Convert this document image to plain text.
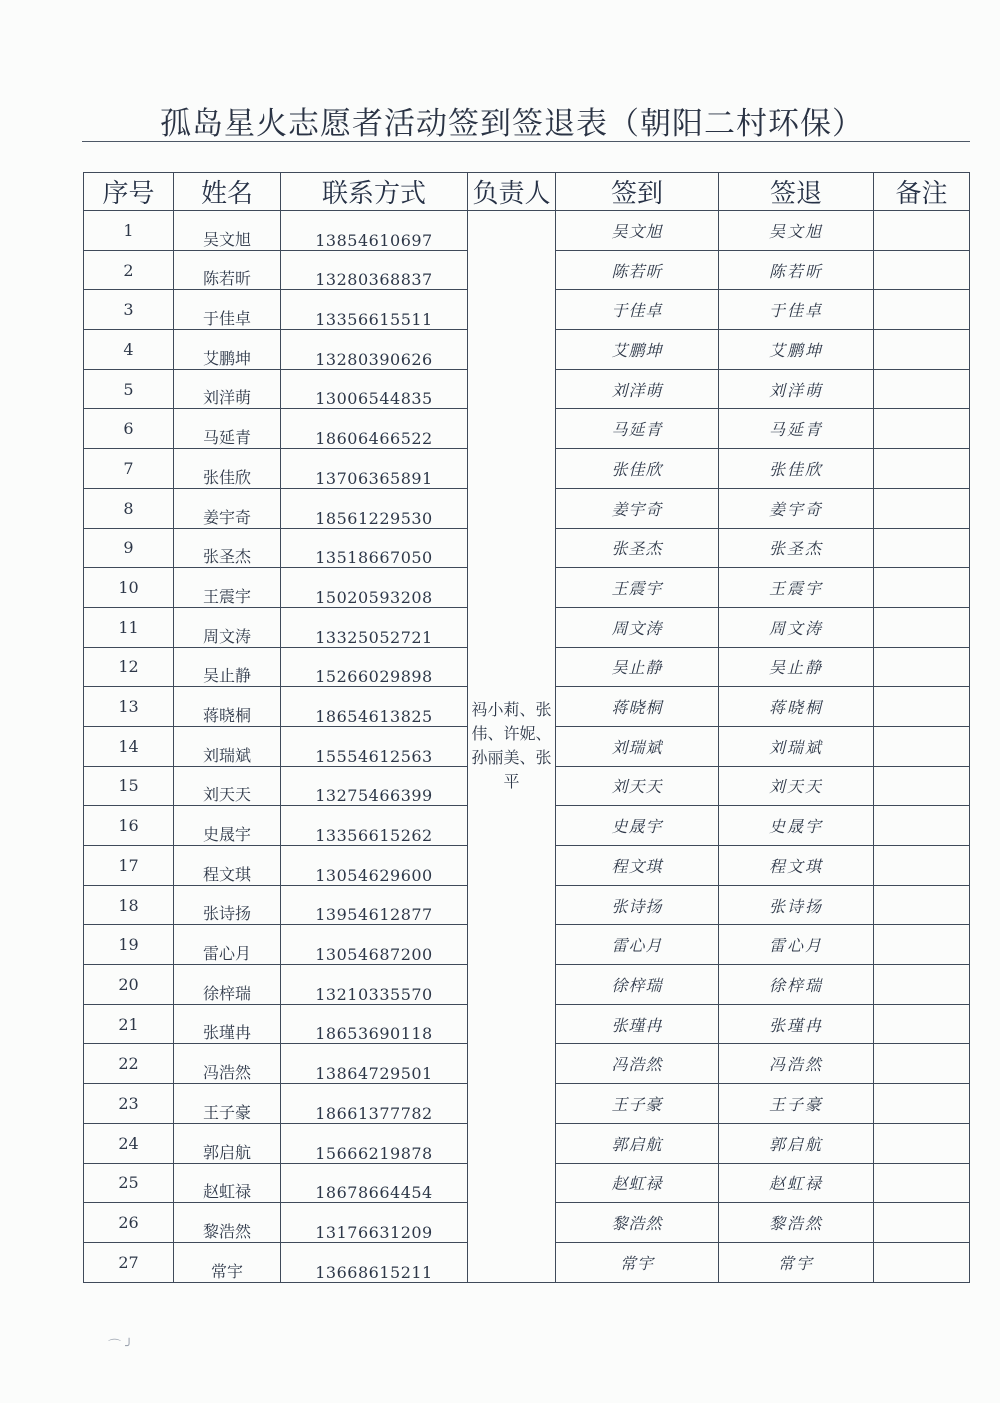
孤岛星火志愿者活动签到签退表（朝阳二村环保）
序号	姓名	联系方式	负责人	签到	签退	备注
1	吴文旭	13854610697	祃小莉、张伟、许妮、孙丽美、张平	吴文旭	吴文旭	
2	陈若昕	13280368837		陈若昕	陈若昕	
3	于佳卓	13356615511		于佳卓	于佳卓	
4	艾鹏坤	13280390626		艾鹏坤	艾鹏坤	
5	刘洋萌	13006544835		刘洋萌	刘洋萌	
6	马延青	18606466522		马延青	马延青	
7	张佳欣	13706365891		张佳欣	张佳欣	
8	姜宇奇	18561229530		姜宇奇	姜宇奇	
9	张圣杰	13518667050		张圣杰	张圣杰	
10	王震宇	15020593208		王震宇	王震宇	
11	周文涛	13325052721		周文涛	周文涛	
12	吴止静	15266029898		吴止静	吴止静	
13	蒋晓桐	18654613825		蒋晓桐	蒋晓桐	
14	刘瑞斌	15554612563		刘瑞斌	刘瑞斌	
15	刘天天	13275466399		刘天天	刘天天	
16	史晟宇	13356615262		史晟宇	史晟宇	
17	程文琪	13054629600		程文琪	程文琪	
18	张诗扬	13954612877		张诗扬	张诗扬	
19	雷心月	13054687200		雷心月	雷心月	
20	徐梓瑞	13210335570		徐梓瑞	徐梓瑞	
21	张瑾冉	18653690118		张瑾冉	张瑾冉	
22	冯浩然	13864729501		冯浩然	冯浩然	
23	王子豪	18661377782		王子豪	王子豪	
24	郭启航	15666219878		郭启航	郭启航	
25	赵虹禄	18678664454		赵虹禄	赵虹禄	
26	黎浩然	13176631209		黎浩然	黎浩然	
27	常宇	13668615211		常宇	常宇	
⌒ ╯
